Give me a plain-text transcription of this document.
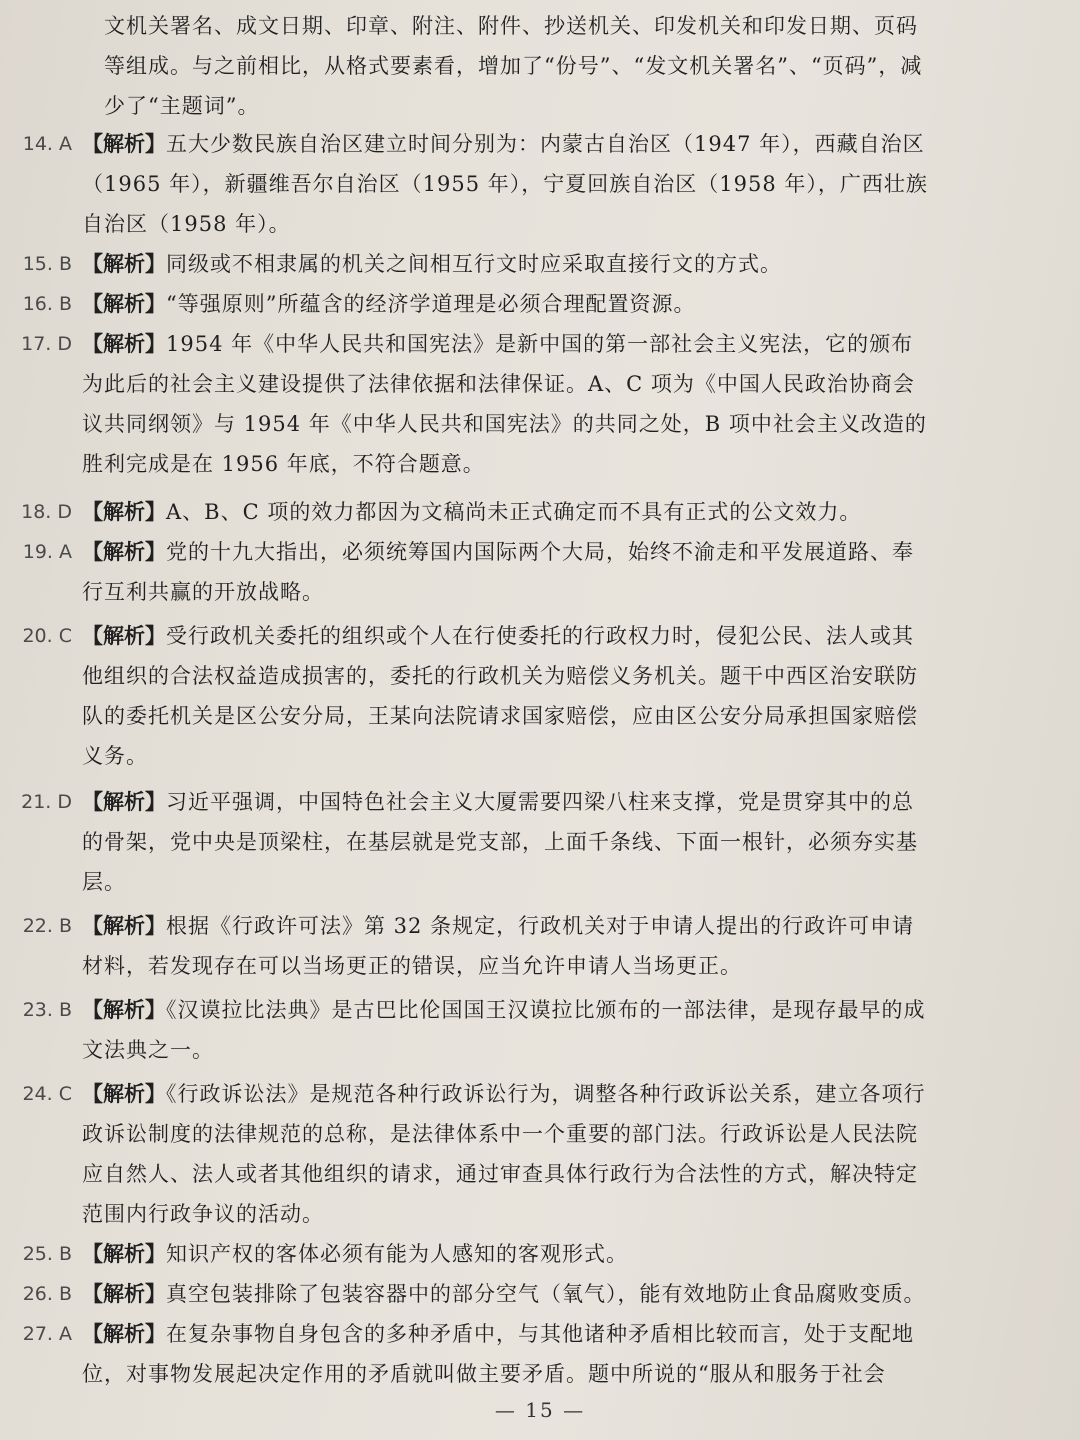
文机关署名、成文日期、印章、附注、附件、抄送机关、印发机关和印发日期、页码等组成。与之前相比，从格式要素看，增加了“份号”、“发文机关署名”、“页码”，减少了“主题词”。
14. A 【解析】五大少数民族自治区建立时间分别为：内蒙古自治区（1947 年），西藏自治区（1965 年），新疆维吾尔自治区（1955 年），宁夏回族自治区（1958 年），广西壮族自治区（1958 年）。
15. B 【解析】同级或不相隶属的机关之间相互行文时应采取直接行文的方式。
16. B 【解析】“等强原则”所蕴含的经济学道理是必须合理配置资源。
17. D 【解析】1954 年《中华人民共和国宪法》是新中国的第一部社会主义宪法，它的颁布为此后的社会主义建设提供了法律依据和法律保证。A、C 项为《中国人民政治协商会议共同纲领》与 1954 年《中华人民共和国宪法》的共同之处，B 项中社会主义改造的胜利完成是在 1956 年底，不符合题意。
18. D 【解析】A、B、C 项的效力都因为文稿尚未正式确定而不具有正式的公文效力。
19. A 【解析】党的十九大指出，必须统筹国内国际两个大局，始终不渝走和平发展道路、奉行互利共赢的开放战略。
20. C 【解析】受行政机关委托的组织或个人在行使委托的行政权力时，侵犯公民、法人或其他组织的合法权益造成损害的，委托的行政机关为赔偿义务机关。题干中西区治安联防队的委托机关是区公安分局，王某向法院请求国家赔偿，应由区公安分局承担国家赔偿义务。
21. D 【解析】习近平强调，中国特色社会主义大厦需要四梁八柱来支撑，党是贯穿其中的总的骨架，党中央是顶梁柱，在基层就是党支部，上面千条线、下面一根针，必须夯实基层。
22. B 【解析】根据《行政许可法》第 32 条规定，行政机关对于申请人提出的行政许可申请材料，若发现存在可以当场更正的错误，应当允许申请人当场更正。
23. B 【解析】《汉谟拉比法典》是古巴比伦国国王汉谟拉比颁布的一部法律，是现存最早的成文法典之一。
24. C 【解析】《行政诉讼法》是规范各种行政诉讼行为，调整各种行政诉讼关系，建立各项行政诉讼制度的法律规范的总称，是法律体系中一个重要的部门法。行政诉讼是人民法院应自然人、法人或者其他组织的请求，通过审查具体行政行为合法性的方式，解决特定范围内行政争议的活动。
25. B 【解析】知识产权的客体必须有能为人感知的客观形式。
26. B 【解析】真空包装排除了包装容器中的部分空气（氧气），能有效地防止食品腐败变质。
27. A 【解析】在复杂事物自身包含的多种矛盾中，与其他诸种矛盾相比较而言，处于支配地位，对事物发展起决定作用的矛盾就叫做主要矛盾。题中所说的“服从和服务于社会
— 15 —
